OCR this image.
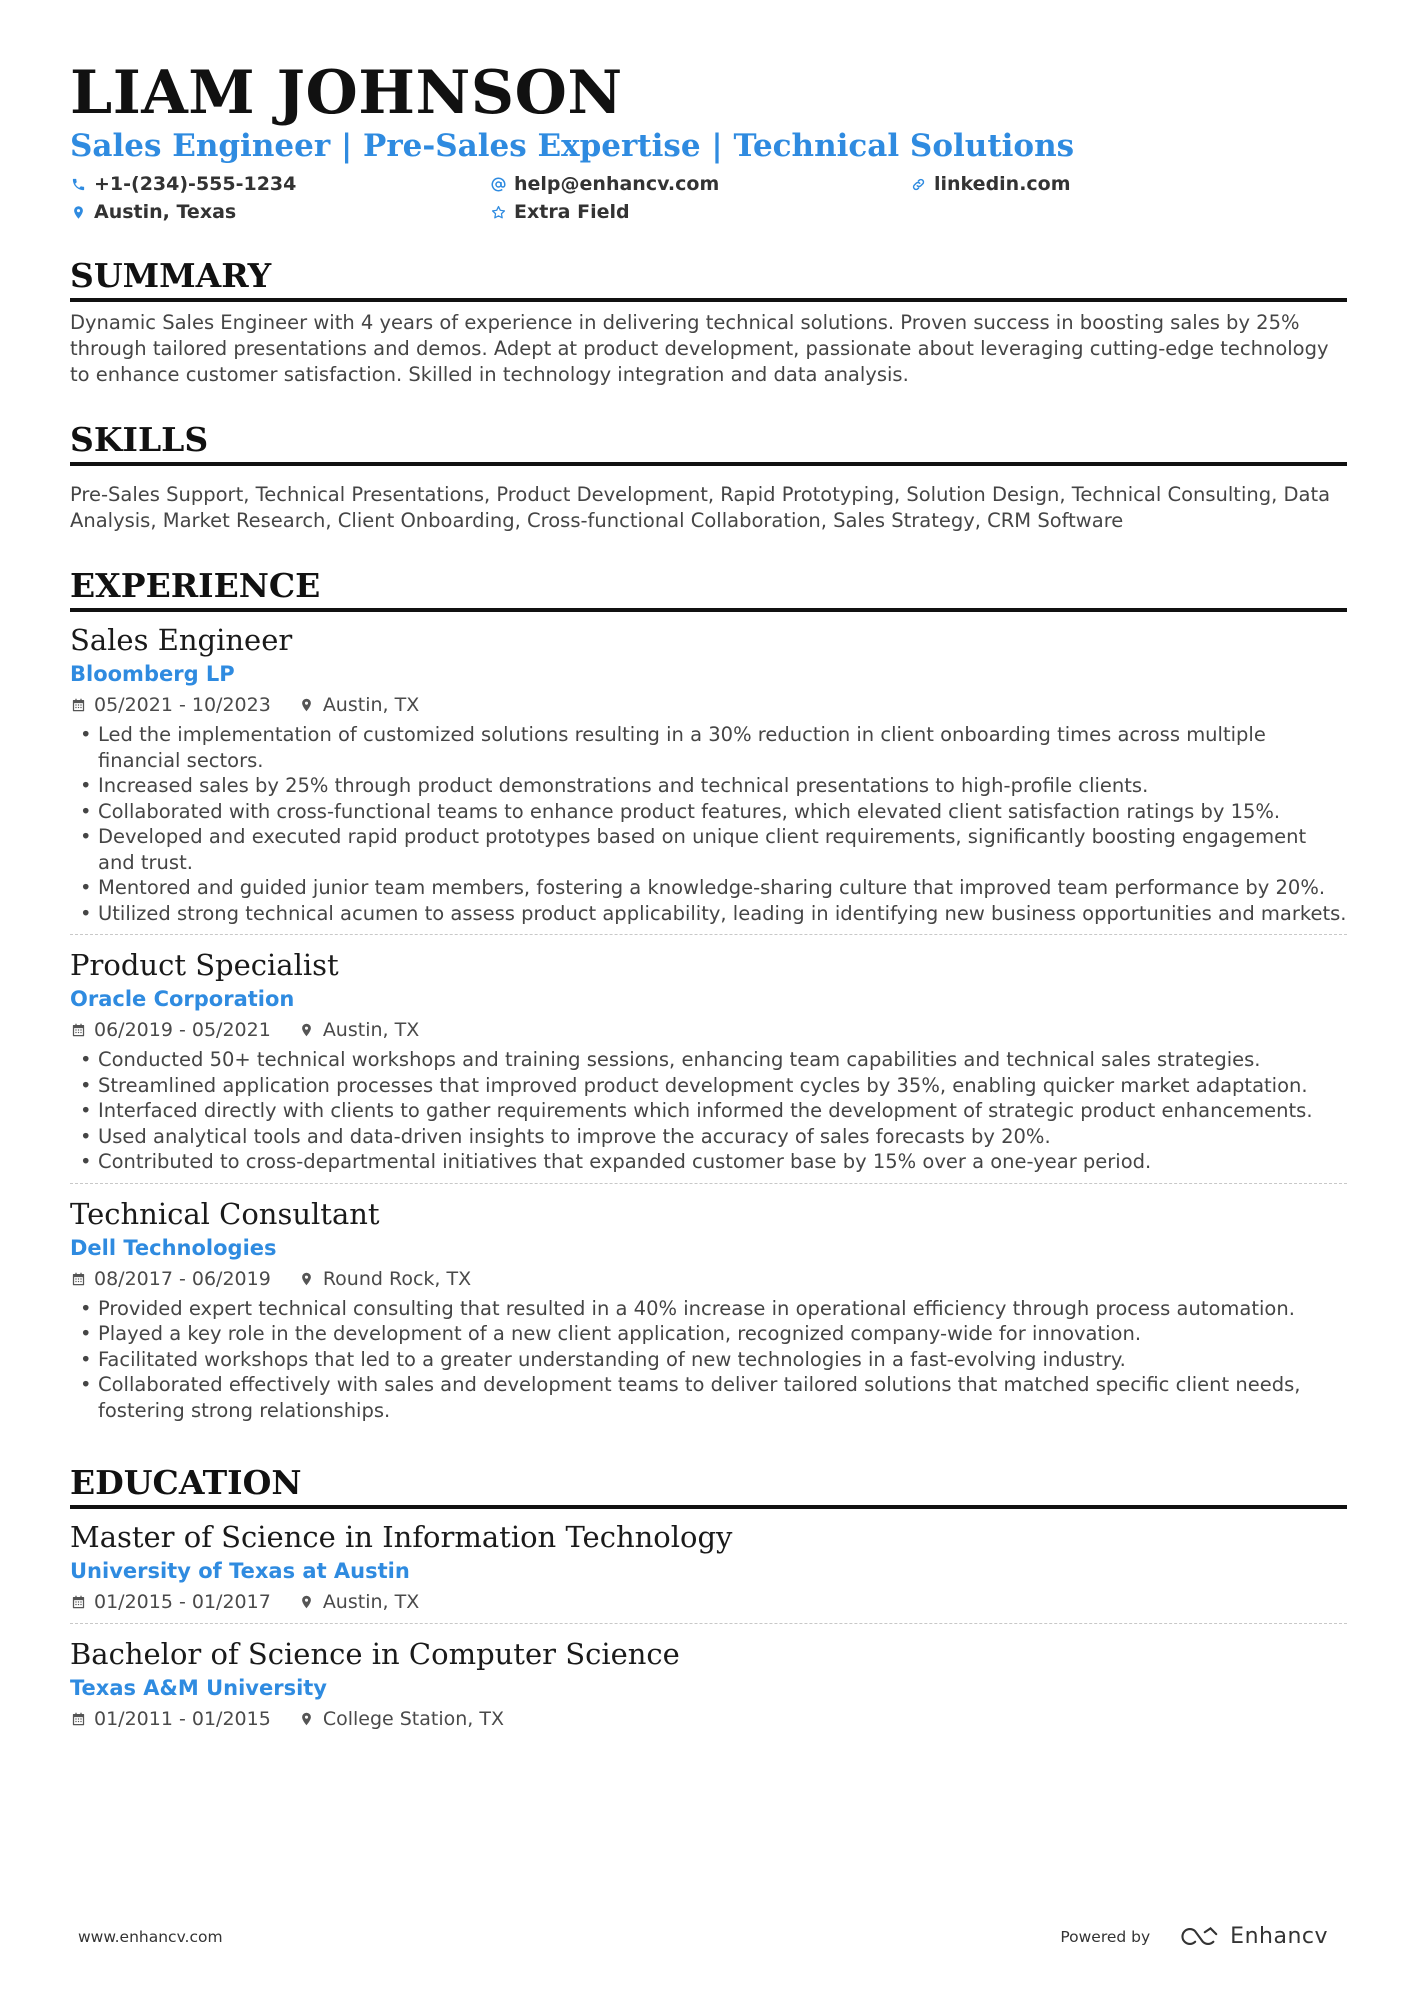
LIAM JOHNSON
Sales Engineer | Pre-Sales Expertise | Technical Solutions
+1-(234)-555-1234	help@enhancv.com	linkedin.com
Austin, Texas	Extra Field
SUMMARY
Dynamic Sales Engineer with 4 years of experience in delivering technical solutions. Proven success in boosting sales by 25% through tailored presentations and demos. Adept at product development, passionate about leveraging cutting-edge technology to enhance customer satisfaction. Skilled in technology integration and data analysis.
SKILLS
Pre-Sales Support, Technical Presentations, Product Development, Rapid Prototyping, Solution Design, Technical Consulting, Data Analysis, Market Research, Client Onboarding, Cross-functional Collaboration, Sales Strategy, CRM Software
EXPERIENCE
Sales Engineer
Bloomberg LP
05/2021 - 10/2023	Austin, TX
• Led the implementation of customized solutions resulting in a 30% reduction in client onboarding times across multiple financial sectors.
• Increased sales by 25% through product demonstrations and technical presentations to high-profile clients.
• Collaborated with cross-functional teams to enhance product features, which elevated client satisfaction ratings by 15%.
• Developed and executed rapid product prototypes based on unique client requirements, significantly boosting engagement and trust.
• Mentored and guided junior team members, fostering a knowledge-sharing culture that improved team performance by 20%.
• Utilized strong technical acumen to assess product applicability, leading in identifying new business opportunities and markets.
Product Specialist
Oracle Corporation
06/2019 - 05/2021	Austin, TX
• Conducted 50+ technical workshops and training sessions, enhancing team capabilities and technical sales strategies.
• Streamlined application processes that improved product development cycles by 35%, enabling quicker market adaptation.
• Interfaced directly with clients to gather requirements which informed the development of strategic product enhancements.
• Used analytical tools and data-driven insights to improve the accuracy of sales forecasts by 20%.
• Contributed to cross-departmental initiatives that expanded customer base by 15% over a one-year period.
Technical Consultant
Dell Technologies
08/2017 - 06/2019	Round Rock, TX
• Provided expert technical consulting that resulted in a 40% increase in operational efficiency through process automation.
• Played a key role in the development of a new client application, recognized company-wide for innovation.
• Facilitated workshops that led to a greater understanding of new technologies in a fast-evolving industry.
• Collaborated effectively with sales and development teams to deliver tailored solutions that matched specific client needs, fostering strong relationships.
EDUCATION
Master of Science in Information Technology
University of Texas at Austin
01/2015 - 01/2017	Austin, TX
Bachelor of Science in Computer Science
Texas A&M University
01/2011 - 01/2015	College Station, TX
www.enhancv.com	Powered by	Enhancv
